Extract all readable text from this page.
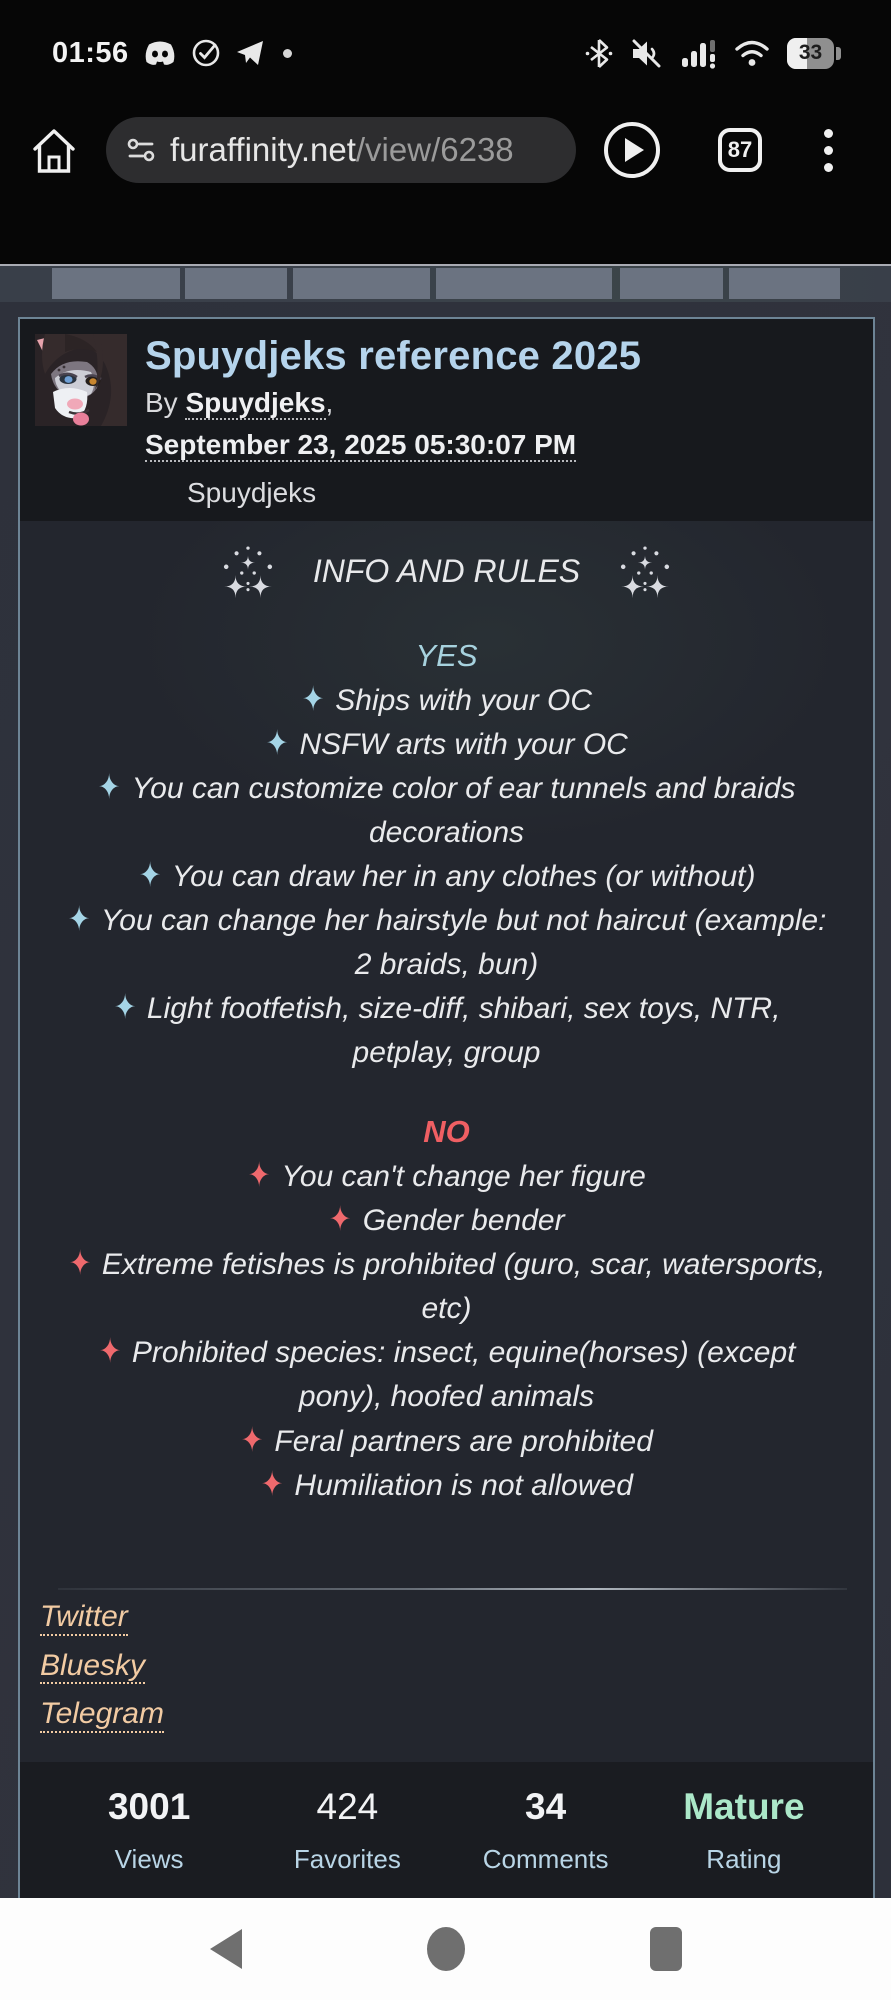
01:56	33
furaffinity.net/view/6238	87
Spuydjeks reference 2025
By Spuydjeks,
September 23, 2025 05:30:07 PM
Spuydjeks
INFO AND RULES
YES
✦ Ships with your OC
✦ NSFW arts with your OC
✦ You can customize color of ear tunnels and braids decorations
✦ You can draw her in any clothes (or without)
✦ You can change her hairstyle but not haircut (example: 2 braids, bun)
✦ Light footfetish, size-diff, shibari, sex toys, NTR, petplay, group
NO
✦ You can't change her figure
✦ Gender bender
✦ Extreme fetishes is prohibited (guro, scar, watersports, etc)
✦ Prohibited species: insect, equine(horses) (except pony), hoofed animals
✦ Feral partners are prohibited
✦ Humiliation is not allowed
Twitter
Bluesky
Telegram
3001
Views
424
Favorites
34
Comments
Mature
Rating
